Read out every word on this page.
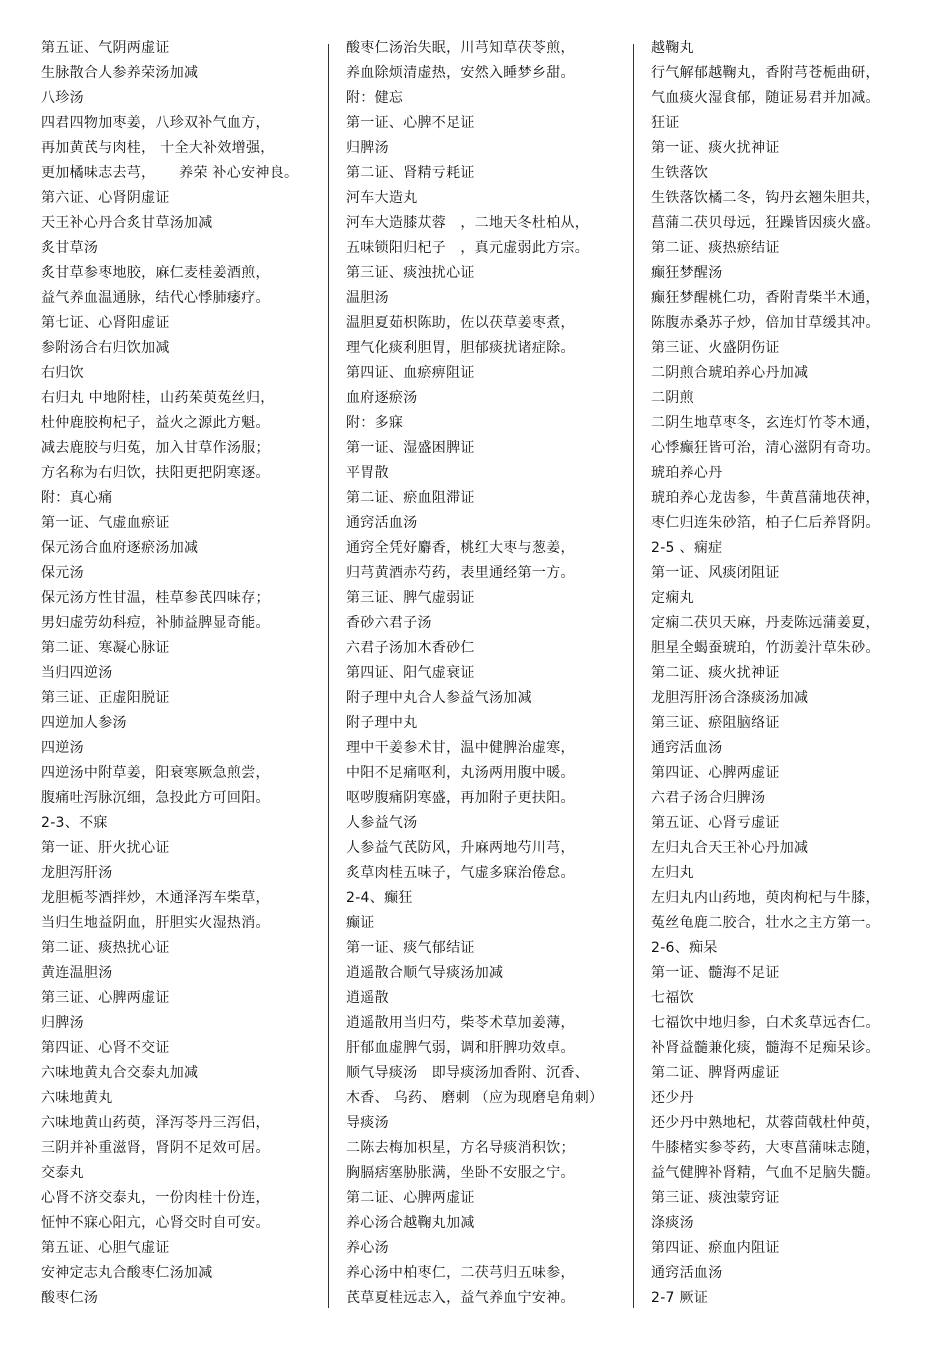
第五证、气阴两虚证
生脉散合人参养荣汤加减
八珍汤
四君四物加枣姜，八珍双补气血方，
再加黄芪与肉桂， 十全大补效增强，
更加橘味志去芎，     养荣 补心安神良。
第六证、心肾阴虚证
天王补心丹合炙甘草汤加减
炙甘草汤
炙甘草参枣地胶，麻仁麦桂姜酒煎，
益气养血温通脉，结代心悸肺痿疗。
第七证、心肾阳虚证
参附汤合右归饮加减
右归饮
右归丸 中地附桂，山药茱萸菟丝归，
杜仲鹿胶枸杞子，益火之源此方魁。
减去鹿胶与归菟，加入甘草作汤服；
方名称为右归饮，扶阳更把阴寒逐。
附：真心痛
第一证、气虚血瘀证
保元汤合血府逐瘀汤加减
保元汤
保元汤方性甘温，桂草参芪四味存；
男妇虚劳幼科痘，补肺益脾显奇能。
第二证、寒凝心脉证
当归四逆汤
第三证、正虚阳脱证
四逆加人参汤
四逆汤
四逆汤中附草姜，阳衰寒厥急煎尝，
腹痛吐泻脉沉细，急投此方可回阳。
2-3、不寐
第一证、肝火扰心证
龙胆泻肝汤
龙胆栀芩酒拌炒，木通泽泻车柴草，
当归生地益阴血，肝胆实火湿热消。
第二证、痰热扰心证
黄连温胆汤
第三证、心脾两虚证
归脾汤
第四证、心肾不交证
六味地黄丸合交泰丸加减
六味地黄丸
六味地黄山药萸，泽泻苓丹三泻侣，
三阴并补重滋肾，肾阴不足效可居。
交泰丸
心肾不济交泰丸，一份肉桂十份连，
怔忡不寐心阳亢，心肾交时自可安。
第五证、心胆气虚证
安神定志丸合酸枣仁汤加减
酸枣仁汤
酸枣仁汤治失眠，川芎知草茯苓煎，
养血除烦清虚热，安然入睡梦乡甜。
附：健忘
第一证、心脾不足证
归脾汤
第二证、肾精亏耗证
河车大造丸
河车大造膝苁蓉   ，二地天冬杜柏从，
五味锁阳归杞子   ，真元虚弱此方宗。
第三证、痰浊扰心证
温胆汤
温胆夏茹枳陈助，佐以茯草姜枣煮，
理气化痰利胆胃，胆郁痰扰诸症除。
第四证、血瘀痹阻证
血府逐瘀汤
附：多寐
第一证、湿盛困脾证
平胃散
第二证、瘀血阻滞证
通窍活血汤
通窍全凭好麝香，桃红大枣与葱姜，
归芎黄酒赤芍药，表里通经第一方。
第三证、脾气虚弱证
香砂六君子汤
六君子汤加木香砂仁
第四证、阳气虚衰证
附子理中丸合人参益气汤加减
附子理中丸
理中干姜参术甘，温中健脾治虚寒，
中阳不足痛呕利，丸汤两用腹中暖。
呕哕腹痛阴寒盛，再加附子更扶阳。
人参益气汤
人参益气芪防风，升麻两地芍川芎，
炙草肉桂五味子，气虚多寐治倦怠。
2-4、癫狂
癫证
第一证、痰气郁结证
逍遥散合顺气导痰汤加减
逍遥散
逍遥散用当归芍，柴苓术草加姜薄，
肝郁血虚脾气弱，调和肝脾功效卓。
顺气导痰汤   即导痰汤加香附、沉香、
木香、 乌药、 磨刺 （应为现磨皂角刺）
导痰汤
二陈去梅加枳星，方名导痰消积饮；
胸膈痞塞胁胀满，坐卧不安服之宁。
第二证、心脾两虚证
养心汤合越鞠丸加减
养心汤
养心汤中柏枣仁，二茯芎归五味参，
芪草夏桂远志入，益气养血宁安神。
越鞠丸
行气解郁越鞠丸，香附芎苍栀曲研，
气血痰火湿食郁，随证易君并加减。
狂证
第一证、痰火扰神证
生铁落饮
生铁落饮橘二冬，钩丹玄翘朱胆共，
菖蒲二茯贝母远，狂躁皆因痰火盛。
第二证、痰热瘀结证
癫狂梦醒汤
癫狂梦醒桃仁功，香附青柴半木通，
陈腹赤桑苏子炒，倍加甘草缓其冲。
第三证、火盛阴伤证
二阴煎合琥珀养心丹加减
二阴煎
二阴生地草枣冬，玄连灯竹苓木通，
心悸癫狂皆可治，清心滋阴有奇功。
琥珀养心丹
琥珀养心龙齿参，牛黄菖蒲地茯神，
枣仁归连朱砂箔，柏子仁后养肾阴。
2-5 、痫症
第一证、风痰闭阻证
定痫丸
定痫二茯贝天麻，丹麦陈远蒲姜夏，
胆星全蝎蚕琥珀，竹沥姜汁草朱砂。
第二证、痰火扰神证
龙胆泻肝汤合涤痰汤加减
第三证、瘀阻脑络证
通窍活血汤
第四证、心脾两虚证
六君子汤合归脾汤
第五证、心肾亏虚证
左归丸合天王补心丹加减
左归丸
左归丸内山药地，萸肉枸杞与牛膝，
菟丝龟鹿二胶合，壮水之主方第一。
2-6、痴呆
第一证、髓海不足证
七福饮
七福饮中地归参，白术炙草远杏仁。
补肾益髓兼化痰，髓海不足痴呆诊。
第二证、脾肾两虚证
还少丹
还少丹中熟地杞，苁蓉茴戟杜仲萸，
牛膝楮实参苓药，大枣菖蒲味志随，
益气健脾补肾精，气血不足脑失髓。
第三证、痰浊蒙窍证
涤痰汤
第四证、瘀血内阻证
通窍活血汤
2-7 厥证
